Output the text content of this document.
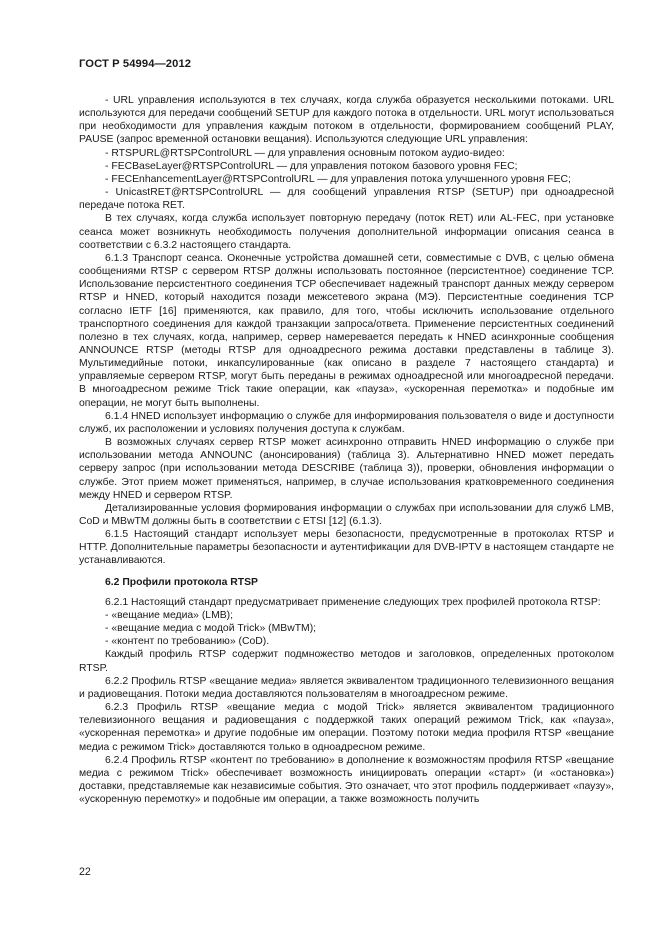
ГОСТ Р 54994—2012

- URL управления используются в тех случаях, когда служба образуется несколькими потоками. URL используются для передачи сообщений SETUP для каждого потока в отдельности. URL могут использоваться при необходимости для управления каждым потоком в отдельности, формированием сообщений PLAY, PAUSE (запрос временной остановки вещания). Используются следующие URL управления:

- RTSPURL@RTSPControlURL — для управления основным потоком аудио-видео:

- FECBaseLayer@RTSPControlURL — для управления потоком базового уровня FEC;

- FECEnhancementLayer@RTSPControlURL — для управления потока улучшенного уровня FEC;

- UnicastRET@RTSPControlURL — для сообщений управления RTSP (SETUP) при одноадресной передаче потока RET.

В тех случаях, когда служба использует повторную передачу (поток RET) или AL-FEC, при установке сеанса может возникнуть необходимость получения дополнительной информации описания сеанса в соответствии с 6.3.2 настоящего стандарта.

6.1.3 Транспорт сеанса. Оконечные устройства домашней сети, совместимые с DVB, с целью обмена сообщениями RTSP с сервером RTSP должны использовать постоянное (персистентное) соединение TCP. Использование персистентного соединения TCP обеспечивает надежный транспорт данных между сервером RTSP и HNED, который находится позади межсетевого экрана (МЭ). Персистентные соединения TCP согласно IETF [16] применяются, как правило, для того, чтобы исключить использование отдельного транспортного соединения для каждой транзакции запроса/ответа. Применение персистентных соединений полезно в тех случаях, когда, например, сервер намеревается передать к HNED асинхронные сообщения ANNOUNCE RTSP (методы RTSP для одноадресного режима доставки представлены в таблице 3). Мультимедийные потоки, инкапсулированные (как описано в разделе 7 настоящего стандарта) и управляемые сервером RTSP, могут быть переданы в режимах одноадресной или многоадресной передачи. В многоадресном режиме Trick такие операции, как «пауза», «ускоренная перемотка» и подобные им операции, не могут быть выполнены.

6.1.4 HNED использует информацию о службе для информирования пользователя о виде и доступности служб, их расположении и условиях получения доступа к службам.

В возможных случаях сервер RTSP может асинхронно отправить HNED информацию о службе при использовании метода ANNOUNC (анонсирования) (таблица 3). Альтернативно HNED может передать серверу запрос (при использовании метода DESCRIBE (таблица 3)), проверки, обновления информации о службе. Этот прием может применяться, например, в случае использования кратковременного соединения между HNED и сервером RTSP.

Детализированные условия формирования информации о службах при использовании для служб LMB, CoD и MBwTM должны быть в соответствии с ETSI [12] (6.1.3).

6.1.5 Настоящий стандарт использует меры безопасности, предусмотренные в протоколах RTSP и HTTP. Дополнительные параметры безопасности и аутентификации для DVB-IPTV в настоящем стандарте не устанавливаются.

6.2 Профили протокола RTSP

6.2.1 Настоящий стандарт предусматривает применение следующих трех профилей протокола RTSP:

- «вещание медиа» (LMB);

- «вещание медиа с модой Trick» (MBwTM);

- «контент по требованию» (CoD).

Каждый профиль RTSP содержит подмножество методов и заголовков, определенных протоколом RTSP.

6.2.2 Профиль RTSP «вещание медиа» является эквивалентом традиционного телевизионного вещания и радиовещания. Потоки медиа доставляются пользователям в многоадресном режиме.

6.2.3 Профиль RTSP «вещание медиа с модой Trick» является эквивалентом традиционного телевизионного вещания и радиовещания с поддержкой таких операций режимом Trick, как «пауза», «ускоренная перемотка» и другие подобные им операции. Поэтому потоки медиа профиля RTSP «вещание медиа с режимом Trick» доставляются только в одноадресном режиме.

6.2.4 Профиль RTSP «контент по требованию» в дополнение к возможностям профиля RTSP «вещание медиа с режимом Trick» обеспечивает возможность инициировать операции «старт» (и «остановка») доставки, представляемые как независимые события. Это означает, что этот профиль поддерживает «паузу», «ускоренную перемотку» и подобные им операции, а также возможность получить

22
